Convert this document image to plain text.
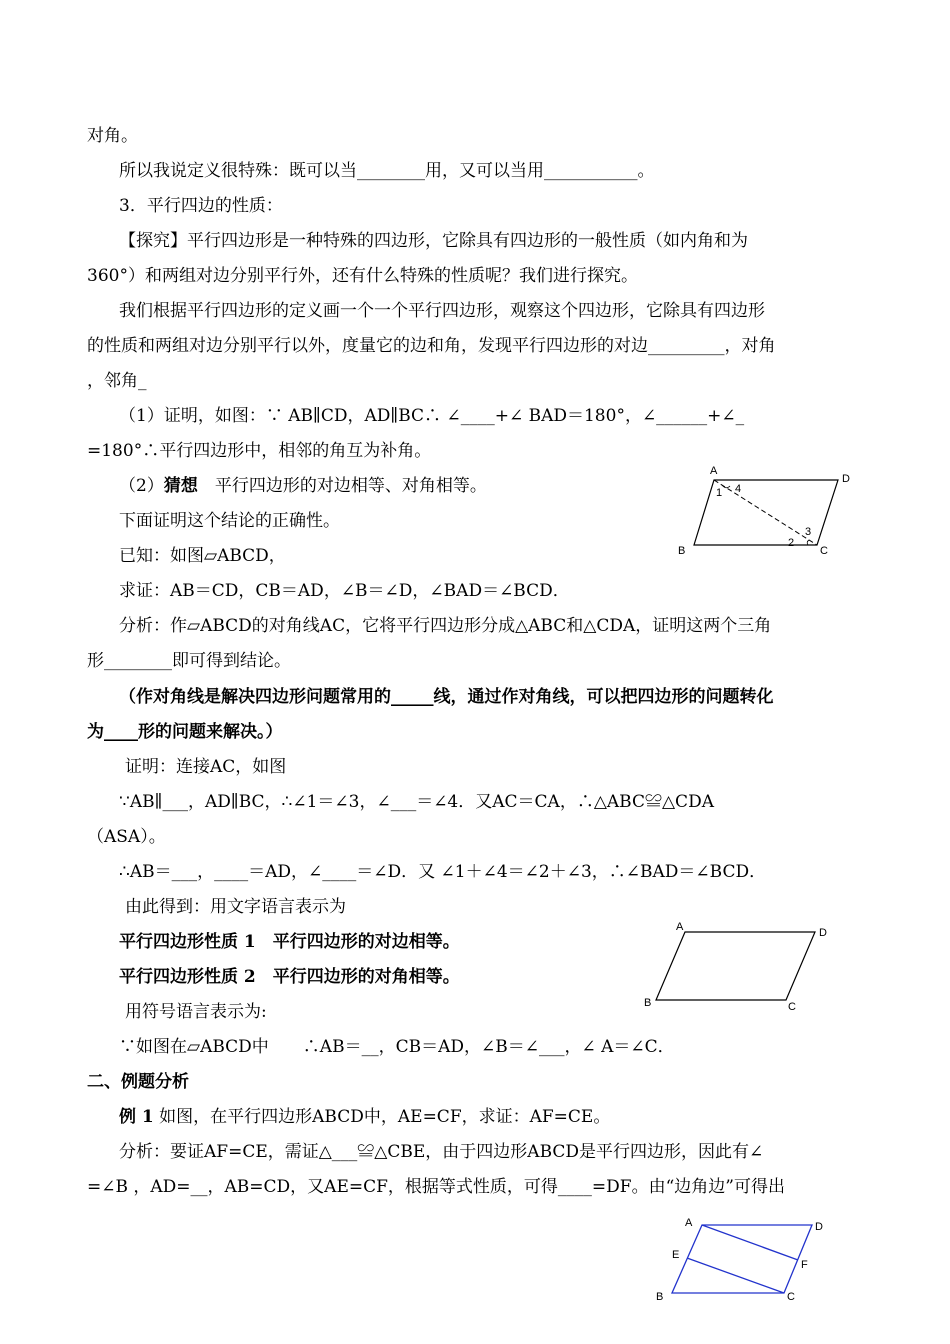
对角。
所以我说定义很特殊：既可以当________用，又可以当用___________。
3．平行四边的性质：
【探究】平行四边形是一种特殊的四边形，它除具有四边形的一般性质（如内角和为
360°）和两组对边分别平行外，还有什么特殊的性质呢？我们进行探究。
我们根据平行四边形的定义画一个一个平行四边形，观察这个四边形，它除具有四边形
的性质和两组对边分别平行以外，度量它的边和角，发现平行四边形的对边_________，对角
，邻角_
（1）证明，如图：∵ AB∥CD，AD∥BC∴ ∠____+∠ BAD＝180°，∠______+∠_
=180°∴平行四边形中，相邻的角互为补角。
（2）猜想　平行四边形的对边相等、对角相等。
下面证明这个结论的正确性。
已知：如图▱ABCD，
求证：AB＝CD，CB＝AD，∠B＝∠D，∠BAD＝∠BCD．
分析：作▱ABCD的对角线AC，它将平行四边形分成△ABC和△CDA，证明这两个三角
形________即可得到结论。
（作对角线是解决四边形问题常用的_____线，通过作对角线，可以把四边形的问题转化
为____形的问题来解决。）
证明：连接AC，如图
∵AB∥___，AD∥BC，∴∠1＝∠3，∠___＝∠4．又AC＝CA，∴△ABC≌△CDA
（ASA）。
∴AB＝___，____＝AD，∠____＝∠D．又 ∠1＋∠4＝∠2＋∠3，∴∠BAD＝∠BCD．
由此得到：用文字语言表示为
平行四边形性质 1　平行四边形的对边相等。
平行四边形性质 2　平行四边形的对角相等。
用符号语言表示为:
∵如图在▱ABCD中　　∴AB＝__，CB＝AD，∠B＝∠___，∠ A＝∠C．
二、例题分析
例 1 如图，在平行四边形ABCD中，AE=CF，求证：AF=CE。
分析：要证AF=CE，需证△___≌△CBE，由于四边形ABCD是平行四边形，因此有∠
=∠B ，AD=__，AB=CD，又AE=CF，根据等式性质，可得____=DF。由“边角边”可得出
A
D
B	C
1 4
2
3
A	D
B	C
A	D
E
F
B	C
